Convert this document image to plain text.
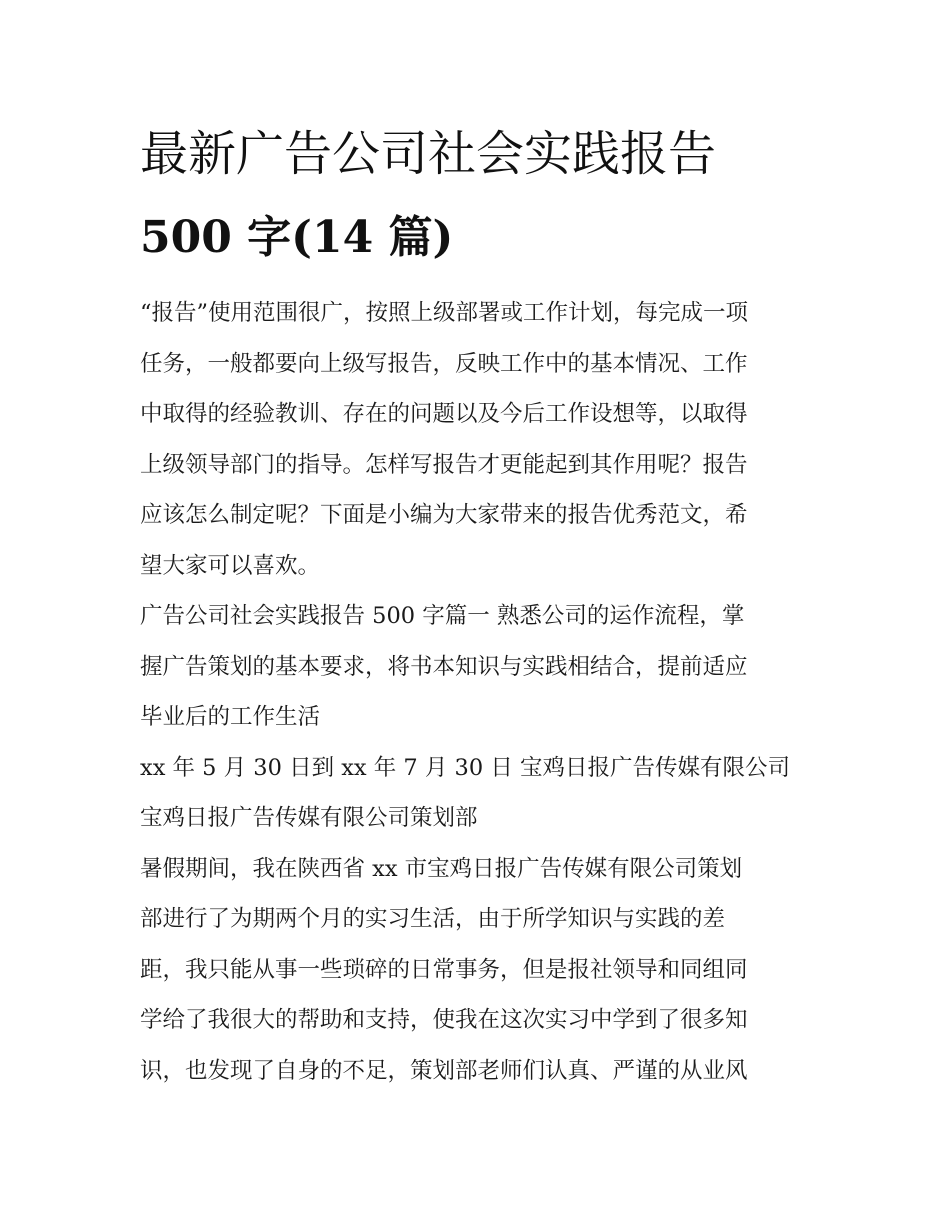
最新广告公司社会实践报告
500 字(14 篇)

“报告”使用范围很广，按照上级部署或工作计划，每完成一项
任务，一般都要向上级写报告，反映工作中的基本情况、工作
中取得的经验教训、存在的问题以及今后工作设想等，以取得
上级领导部门的指导。怎样写报告才更能起到其作用呢？报告
应该怎么制定呢？下面是小编为大家带来的报告优秀范文，希
望大家可以喜欢。

广告公司社会实践报告 500 字篇一 熟悉公司的运作流程，掌
握广告策划的基本要求，将书本知识与实践相结合，提前适应
毕业后的工作生活

xx 年 5 月 30 日到 xx 年 7 月 30 日 宝鸡日报广告传媒有限公司

宝鸡日报广告传媒有限公司策划部

暑假期间，我在陕西省 xx 市宝鸡日报广告传媒有限公司策划
部进行了为期两个月的实习生活，由于所学知识与实践的差
距，我只能从事一些琐碎的日常事务，但是报社领导和同组同
学给了我很大的帮助和支持，使我在这次实习中学到了很多知
识，也发现了自身的不足，策划部老师们认真、严谨的从业风
